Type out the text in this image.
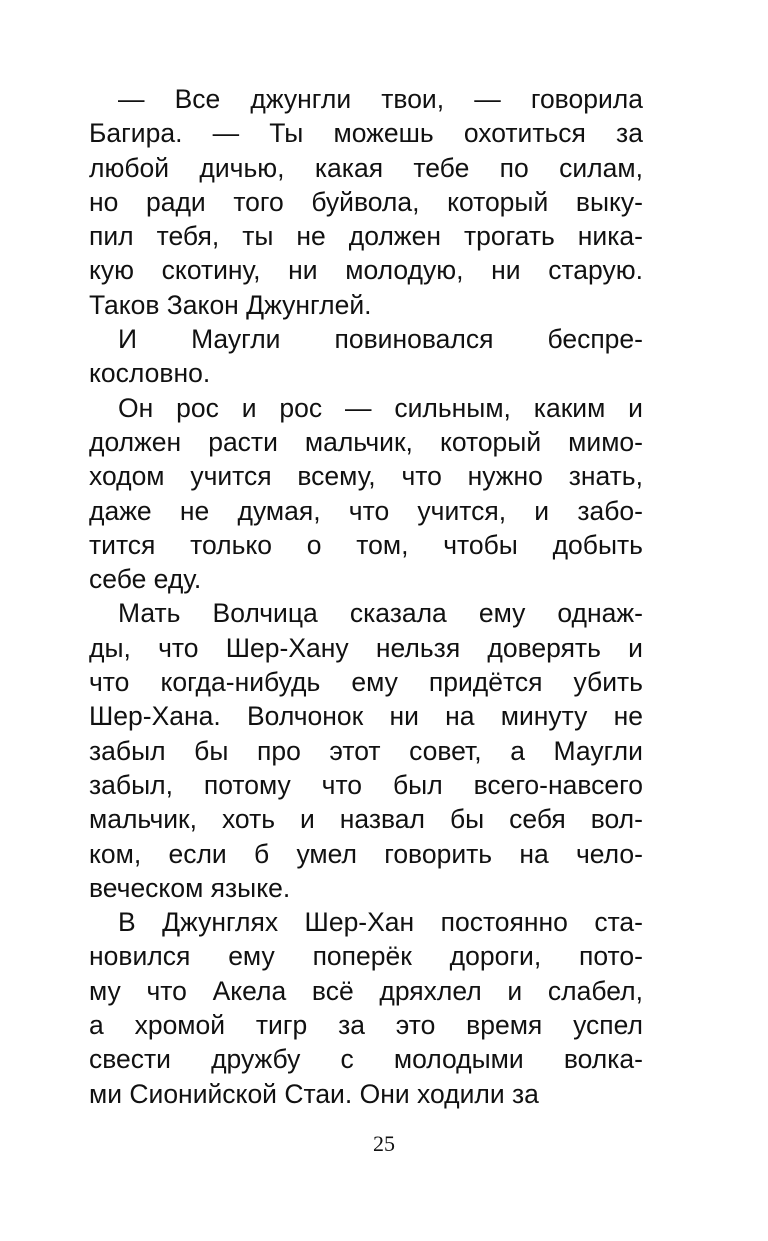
— Все джунгли твои, — говорила
Багира. — Ты можешь охотиться за
любой дичью, какая тебе по силам,
но ради того буйвола, который выку-
пил тебя, ты не должен трогать ника-
кую скотину, ни молодую, ни старую.
Таков Закон Джунглей.
И Маугли повиновался беспре-
кословно.
Он рос и рос — сильным, каким и
должен расти мальчик, который мимо-
ходом учится всему, что нужно знать,
даже не думая, что учится, и забо-
тится только о том, чтобы добыть
себе еду.
Мать Волчица сказала ему однаж-
ды, что Шер-Хану нельзя доверять и
что когда-нибудь ему придётся убить
Шер-Хана. Волчонок ни на минуту не
забыл бы про этот совет, а Маугли
забыл, потому что был всего-навсего
мальчик, хоть и назвал бы себя вол-
ком, если б умел говорить на чело-
веческом языке.
В Джунглях Шер-Хан постоянно ста-
новился ему поперёк дороги, пото-
му что Акела всё дряхлел и слабел,
а хромой тигр за это время успел
свести дружбу с молодыми волка-
ми Сионийской Стаи. Они ходили за
25
